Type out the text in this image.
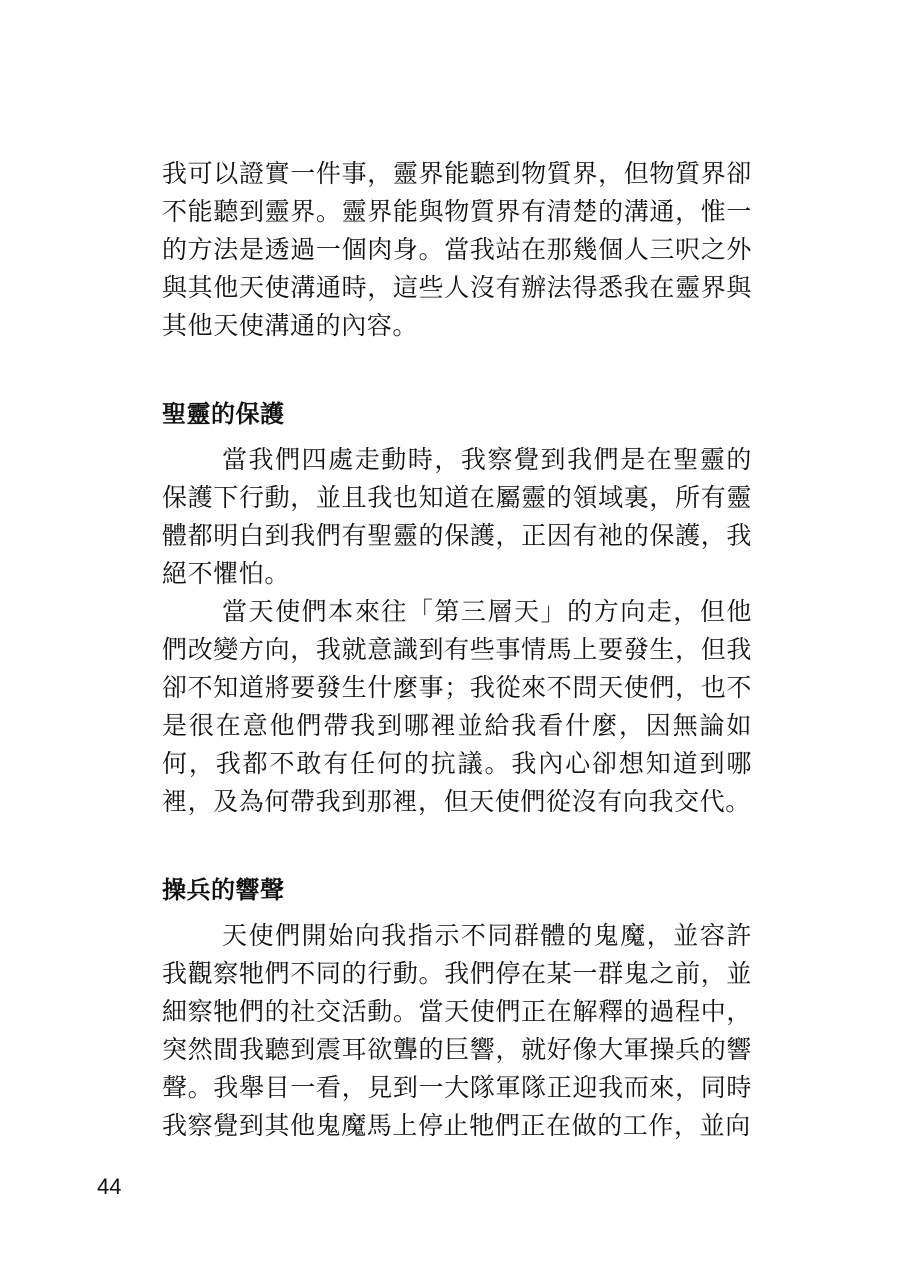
我可以證實一件事，靈界能聽到物質界，但物質界卻不能聽到靈界。靈界能與物質界有清楚的溝通，惟一的方法是透過一個肉身。當我站在那幾個人三呎之外與其他天使溝通時，這些人沒有辦法得悉我在靈界與其他天使溝通的內容。

聖靈的保護

當我們四處走動時，我察覺到我們是在聖靈的保護下行動，並且我也知道在屬靈的領域裏，所有靈體都明白到我們有聖靈的保護，正因有祂的保護，我絕不懼怕。

當天使們本來往「第三層天」的方向走，但他們改變方向，我就意識到有些事情馬上要發生，但我卻不知道將要發生什麼事；我從來不問天使們，也不是很在意他們帶我到哪裡並給我看什麼，因無論如何，我都不敢有任何的抗議。我內心卻想知道到哪裡，及為何帶我到那裡，但天使們從沒有向我交代。

操兵的響聲

天使們開始向我指示不同群體的鬼魔，並容許我觀察牠們不同的行動。我們停在某一群鬼之前，並細察牠們的社交活動。當天使們正在解釋的過程中，突然間我聽到震耳欲聾的巨響，就好像大軍操兵的響聲。我舉目一看，見到一大隊軍隊正迎我而來，同時我察覺到其他鬼魔馬上停止牠們正在做的工作，並向

44
